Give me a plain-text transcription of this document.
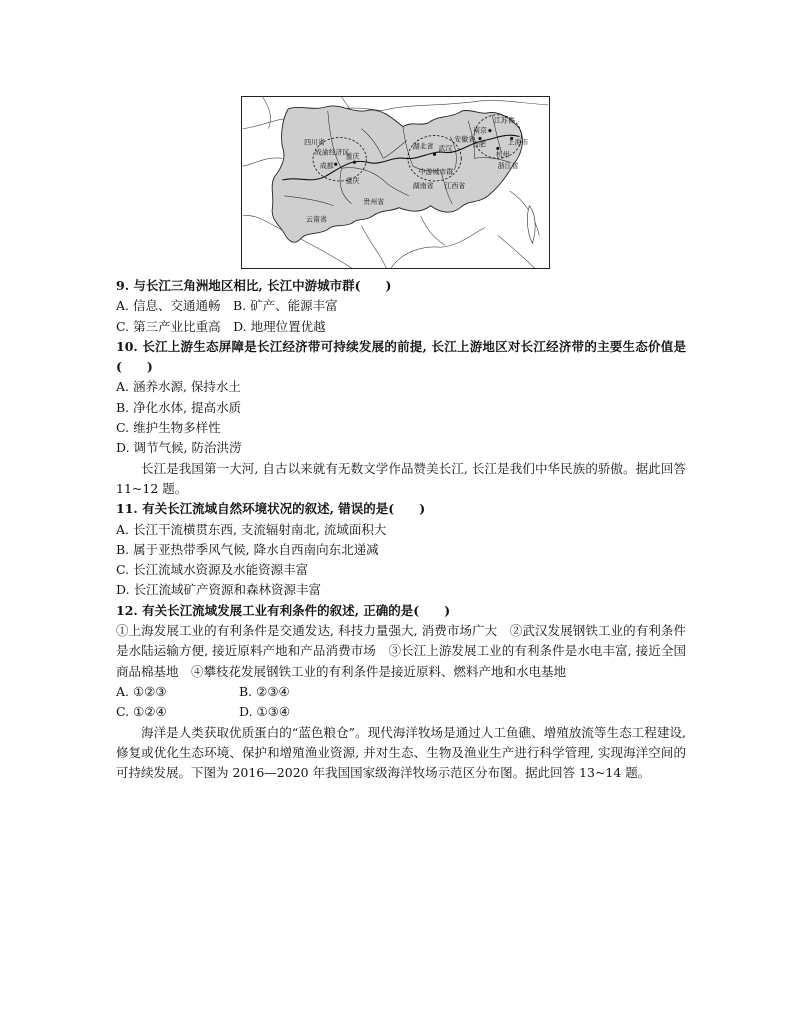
四川省
成渝经济区
成都
重庆
重庆
贵州省
云南省
湖北省 武汉
中游城市群
湖南省 江西省
安徽省
江苏省
南京
上海市
浙江省
杭州
合肥
9. 与长江三角洲地区相比, 长江中游城市群(　　)
A. 信息、交通通畅　B. 矿产、能源丰富
C. 第三产业比重高　D. 地理位置优越
10. 长江上游生态屏障是长江经济带可持续发展的前提, 长江上游地区对长江经济带的主要生态价值是(　　)
A. 涵养水源, 保持水土
B. 净化水体, 提高水质
C. 维护生物多样性
D. 调节气候, 防治洪涝
长江是我国第一大河, 自古以来就有无数文学作品赞美长江, 长江是我们中华民族的骄傲。据此回答 11~12 题。
11. 有关长江流域自然环境状况的叙述, 错误的是(　　)
A. 长江干流横贯东西, 支流辐射南北, 流域面积大
B. 属于亚热带季风气候, 降水自西南向东北递减
C. 长江流域水资源及水能资源丰富
D. 长江流域矿产资源和森林资源丰富
12. 有关长江流域发展工业有利条件的叙述, 正确的是(　　)
①上海发展工业的有利条件是交通发达, 科技力量强大, 消费市场广大　②武汉发展钢铁工业的有利条件是水陆运输方便, 接近原料产地和产品消费市场　③长江上游发展工业的有利条件是水电丰富, 接近全国商品棉基地　④攀枝花发展钢铁工业的有利条件是接近原料、燃料产地和水电基地
A. ①②③	B. ②③④
C. ①②④	D. ①③④
海洋是人类获取优质蛋白的“蓝色粮仓”。现代海洋牧场是通过人工鱼礁、增殖放流等生态工程建设, 修复或优化生态环境、保护和增殖渔业资源, 并对生态、生物及渔业生产进行科学管理, 实现海洋空间的可持续发展。下图为 2016—2020 年我国国家级海洋牧场示范区分布图。据此回答 13~14 题。
